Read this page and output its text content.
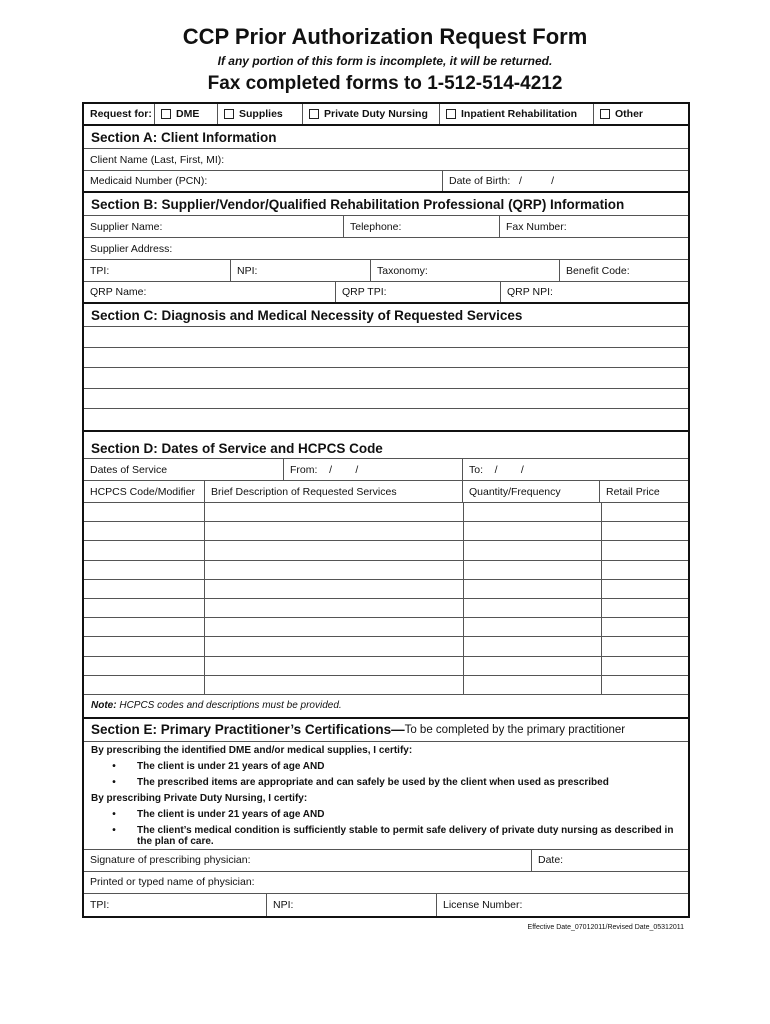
CCP Prior Authorization Request Form
If any portion of this form is incomplete, it will be returned.
Fax completed forms to 1-512-514-4212
Request for: DME	Supplies	Private Duty Nursing	Inpatient Rehabilitation	Other
Section A: Client Information
Client Name (Last, First, MI):
Medicaid Number (PCN):	Date of Birth:   /          /
Section B: Supplier/Vendor/Qualified Rehabilitation Professional (QRP) Information
Supplier Name:	Telephone:	Fax Number:
Supplier Address:
TPI:	NPI:	Taxonomy:	Benefit Code:
QRP Name:	QRP TPI:	QRP NPI:
Section C: Diagnosis and Medical Necessity of Requested Services
Section D: Dates of Service and HCPCS Code
Dates of Service	From:    /        /	To:    /        /
HCPCS Code/Modifier	Brief Description of Requested Services	Quantity/Frequency	Retail Price
Note: HCPCS codes and descriptions must be provided.
Section E: Primary Practitioner’s Certifications— To be completed by the primary practitioner

By prescribing the identified DME and/or medical supplies, I certify:

•	The client is under 21 years of age AND
•	The prescribed items are appropriate and can safely be used by the client when used as prescribed

By prescribing Private Duty Nursing, I certify:

•	The client is under 21 years of age AND
•	The client’s medical condition is sufficiently stable to permit safe delivery of private duty nursing as described in the plan of care.
Signature of prescribing physician:	Date:
Printed or typed name of physician:
TPI:	NPI:	License Number:
Effective Date_07012011/Revised Date_05312011
